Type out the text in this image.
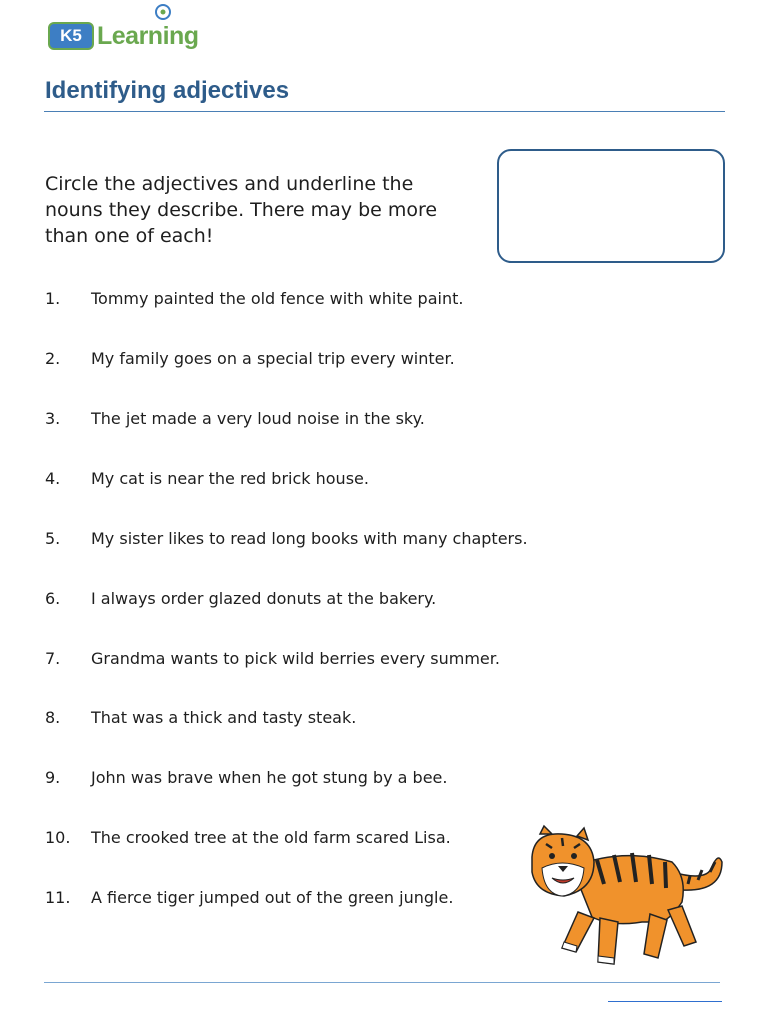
K5 Learning
Identifying adjectives

Circle the adjectives and underline the nouns they describe. There may be more than one of each!

1.	Tommy painted the old fence with white paint.
2.	My family goes on a special trip every winter.
3.	The jet made a very loud noise in the sky.
4.	My cat is near the red brick house.
5.	My sister likes to read long books with many chapters.
6.	I always order glazed donuts at the bakery.
7.	Grandma wants to pick wild berries every summer.
8.	That was a thick and tasty steak.
9.	John was brave when he got stung by a bee.
10.	The crooked tree at the old farm scared Lisa.
11.	A fierce tiger jumped out of the green jungle.
